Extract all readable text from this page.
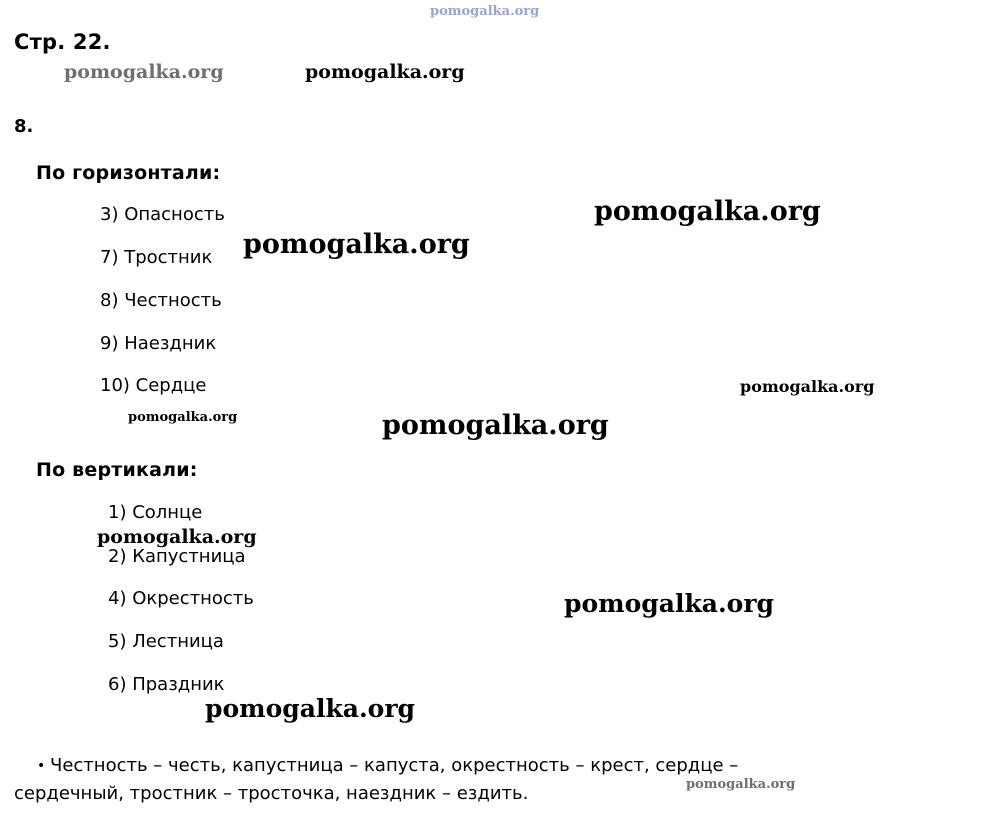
pomogalka.org
pomogalka.org	pomogalka.org
pomogalka.org
pomogalka.org
pomogalka.org
pomogalka.org	pomogalka.org
pomogalka.org
pomogalka.org
pomogalka.org
pomogalka.org
Стр. 22.
8.
По горизонтали:
3) Опасность
7) Тростник
8) Честность
9) Наездник
10) Сердце
По вертикали:
1) Солнце
2) Капустница
4) Окрестность
5) Лестница
6) Праздник
• Честность – честь, капустница – капуста, окрестность – крест, сердце –
сердечный, тростник – тросточка, наездник – ездить.
